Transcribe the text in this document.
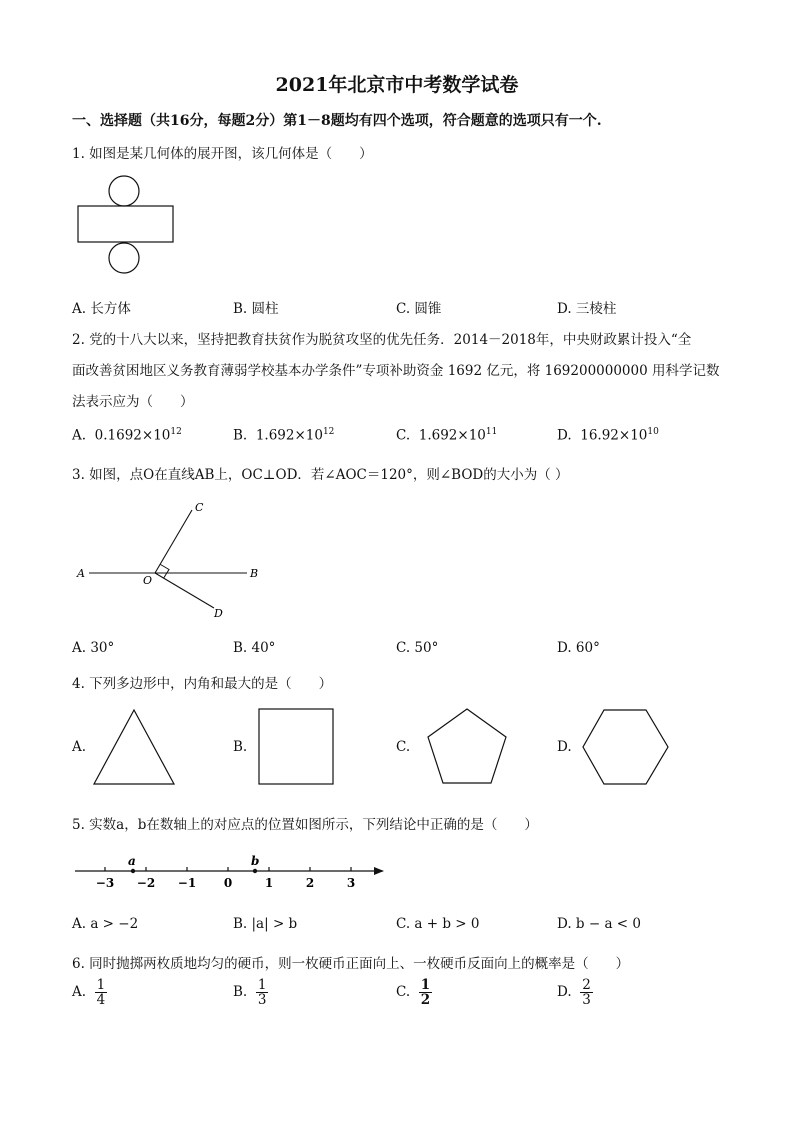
2021年北京市中考数学试卷
一、选择题（共16分，每题2分）第1－8题均有四个选项，符合题意的选项只有一个.
1. 如图是某几何体的展开图，该几何体是（　　）
A. 长方体	B. 圆柱	C. 圆锥	D. 三棱柱
2. 党的十八大以来，坚持把教育扶贫作为脱贫攻坚的优先任务．2014－2018年，中央财政累计投入“全
面改善贫困地区义务教育薄弱学校基本办学条件”专项补助资金 1692 亿元，将 169200000000 用科学记数
法表示应为（　　）
A. $0.1692\times 10^{12}$	B. $1.692\times 10^{12}$	C. $1.692\times 10^{11}$	D. $16.92\times 10^{10}$
3. 如图，点O在直线AB上，OC⊥OD．若∠AOC＝120°，则∠BOD的大小为（ ）
A	B
C
D
O
A. 30°	B. 40°	C. 50°	D. 60°
4. 下列多边形中，内角和最大的是（　　）
A.	B.	C.	D.
5. 实数a，b在数轴上的对应点的位置如图所示，下列结论中正确的是（　　）
−3 −2 −1 0	1	2	3
a	b
A. a > −2	B. |a| > b	C. a + b > 0	D. b − a < 0
6. 同时抛掷两枚质地均匀的硬币，则一枚硬币正面向上、一枚硬币反面向上的概率是（　　）
A. $\frac{1}{4}$	B. $\frac{1}{3}$	C. $\frac{1}{2}$	D. $\frac{2}{3}$
